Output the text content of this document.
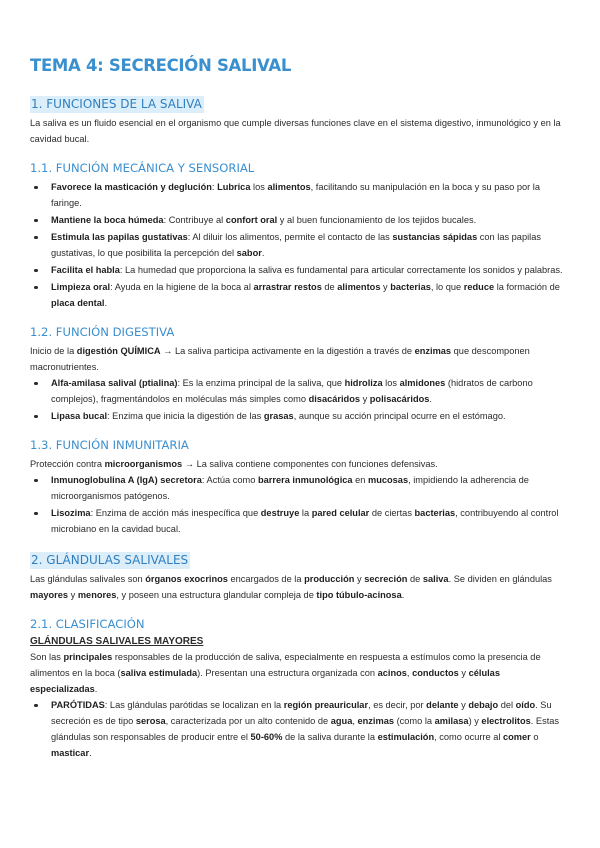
TEMA 4: SECRECIÓN SALIVAL
1. FUNCIONES DE LA SALIVA

La saliva es un fluido esencial en el organismo que cumple diversas funciones clave en el sistema digestivo, inmunológico y en la cavidad bucal.

1.1. FUNCIÓN MECÁNICA Y SENSORIAL
Favorece la masticación y deglución: Lubrica los alimentos, facilitando su manipulación en la boca y su paso por la faringe.
Mantiene la boca húmeda: Contribuye al confort oral y al buen funcionamiento de los tejidos bucales.
Estimula las papilas gustativas: Al diluir los alimentos, permite el contacto de las sustancias sápidas con las papilas gustativas, lo que posibilita la percepción del sabor.
Facilita el habla: La humedad que proporciona la saliva es fundamental para articular correctamente los sonidos y palabras.
Limpieza oral: Ayuda en la higiene de la boca al arrastrar restos de alimentos y bacterias, lo que reduce la formación de placa dental.
1.2. FUNCIÓN DIGESTIVA

Inicio de la digestión QUÍMICA → La saliva participa activamente en la digestión a través de enzimas que descomponen macronutrientes.

Alfa-amilasa salival (ptialina): Es la enzima principal de la saliva, que hidroliza los almidones (hidratos de carbono complejos), fragmentándolos en moléculas más simples como disacáridos y polisacáridos.
Lipasa bucal: Enzima que inicia la digestión de las grasas, aunque su acción principal ocurre en el estómago.
1.3. FUNCIÓN INMUNITARIA

Protección contra microorganismos → La saliva contiene componentes con funciones defensivas.

Inmunoglobulina A (IgA) secretora: Actúa como barrera inmunológica en mucosas, impidiendo la adherencia de microorganismos patógenos.
Lisozima: Enzima de acción más inespecífica que destruye la pared celular de ciertas bacterias, contribuyendo al control microbiano en la cavidad bucal.
2. GLÁNDULAS SALIVALES

Las glándulas salivales son órganos exocrinos encargados de la producción y secreción de saliva. Se dividen en glándulas mayores y menores, y poseen una estructura glandular compleja de tipo túbulo-acinosa.

2.1. CLASIFICACIÓN
GLÁNDULAS SALIVALES MAYORES

Son las principales responsables de la producción de saliva, especialmente en respuesta a estímulos como la presencia de alimentos en la boca (saliva estimulada). Presentan una estructura organizada con acinos, conductos y células especializadas.

PARÓTIDAS: Las glándulas parótidas se localizan en la región preauricular, es decir, por delante y debajo del oído. Su secreción es de tipo serosa, caracterizada por un alto contenido de agua, enzimas (como la amilasa) y electrolitos. Estas glándulas son responsables de producir entre el 50-60% de la saliva durante la estimulación, como ocurre al comer o masticar.
